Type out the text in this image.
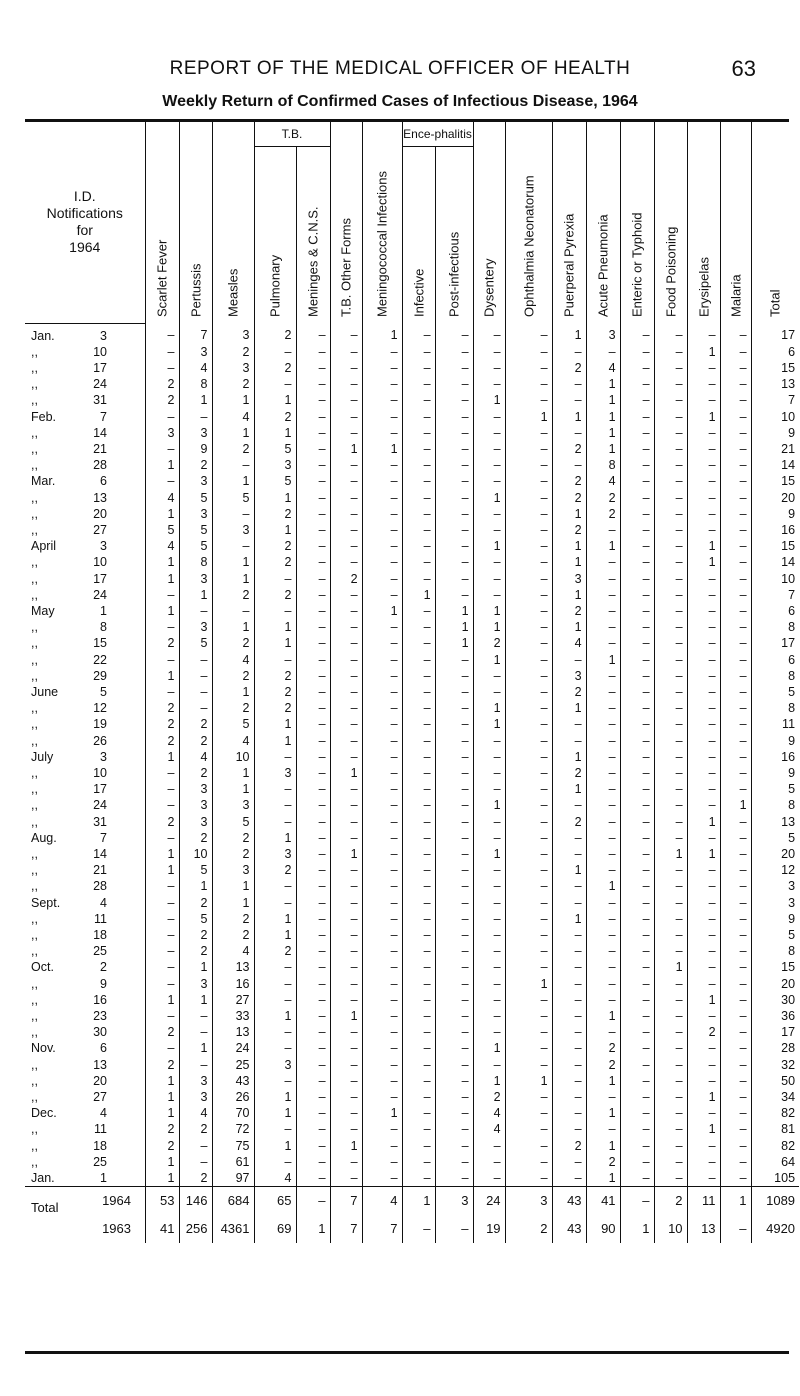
REPORT OF THE MEDICAL OFFICER OF HEALTH	63
Weekly Return of Confirmed Cases of Infectious Disease, 1964
I.D.
Notifications
for
1964	Scarlet Fever	Pertussis	Measles	T.B.		T.B. Other Forms	Meningococcal Infections	Ence-phalitis		Dysentery	Ophthalmia Neonatorum	Puerperal Pyrexia	Acute Pneumonia	Enteric or Typhoid	Food Poisoning	Erysipelas	Malaria	Total

				Pulmonary	Meninges & C.N.S.			Infective	Post-infectious									

Jan. 3	–	7	3	2	–	–	1	–	–	–	–	1	3	–	–	–	–	17
,, 10	–	3	2	–	–	–	–	–	–	–	–	–	–	–	–	1	–	6
,, 17	–	4	3	2	–	–	–	–	–	–	–	2	4	–	–	–	–	15
,, 24	2	8	2	–	–	–	–	–	–	–	–	–	1	–	–	–	–	13
,, 31	2	1	1	1	–	–	–	–	–	1	–	–	1	–	–	–	–	7
Feb. 7	–	–	4	2	–	–	–	–	–	–	1	1	1	–	–	1	–	10
,, 14	3	3	1	1	–	–	–	–	–	–	–	–	1	–	–	–	–	9
,, 21	–	9	2	5	–	1	1	–	–	–	–	2	1	–	–	–	–	21
,, 28	1	2	–	3	–	–	–	–	–	–	–	–	8	–	–	–	–	14
Mar. 6	–	3	1	5	–	–	–	–	–	–	–	2	4	–	–	–	–	15
,, 13	4	5	5	1	–	–	–	–	–	1	–	2	2	–	–	–	–	20
,, 20	1	3	–	2	–	–	–	–	–	–	–	1	2	–	–	–	–	9
,, 27	5	5	3	1	–	–	–	–	–	–	–	2	–	–	–	–	–	16
April 3	4	5	–	2	–	–	–	–	–	1	–	1	1	–	–	1	–	15
,, 10	1	8	1	2	–	–	–	–	–	–	–	1	–	–	–	1	–	14
,, 17	1	3	1	–	–	2	–	–	–	–	–	3	–	–	–	–	–	10
,, 24	–	1	2	2	–	–	–	1	–	–	–	1	–	–	–	–	–	7
May 1	1	–	–	–	–	–	1	–	1	1	–	2	–	–	–	–	–	6
,, 8	–	3	1	1	–	–	–	–	1	1	–	1	–	–	–	–	–	8
,, 15	2	5	2	1	–	–	–	–	1	2	–	4	–	–	–	–	–	17
,, 22	–	–	4	–	–	–	–	–	–	1	–	–	1	–	–	–	–	6
,, 29	1	–	2	2	–	–	–	–	–	–	–	3	–	–	–	–	–	8
June 5	–	–	1	2	–	–	–	–	–	–	–	2	–	–	–	–	–	5
,, 12	2	–	2	2	–	–	–	–	–	1	–	1	–	–	–	–	–	8
,, 19	2	2	5	1	–	–	–	–	–	1	–	–	–	–	–	–	–	11
,, 26	2	2	4	1	–	–	–	–	–	–	–	–	–	–	–	–	–	9
July 3	1	4	10	–	–	–	–	–	–	–	–	1	–	–	–	–	–	16
,, 10	–	2	1	3	–	1	–	–	–	–	–	2	–	–	–	–	–	9
,, 17	–	3	1	–	–	–	–	–	–	–	–	1	–	–	–	–	–	5
,, 24	–	3	3	–	–	–	–	–	–	1	–	–	–	–	–	–	1	8
,, 31	2	3	5	–	–	–	–	–	–	–	–	2	–	–	–	1	–	13
Aug. 7	–	2	2	1	–	–	–	–	–	–	–	–	–	–	–	–	–	5
,, 14	1	10	2	3	–	1	–	–	–	1	–	–	–	–	1	1	–	20
,, 21	1	5	3	2	–	–	–	–	–	–	–	1	–	–	–	–	–	12
,, 28	–	1	1	–	–	–	–	–	–	–	–	–	1	–	–	–	–	3
Sept. 4	–	2	1	–	–	–	–	–	–	–	–	–	–	–	–	–	–	3
,, 11	–	5	2	1	–	–	–	–	–	–	–	1	–	–	–	–	–	9
,, 18	–	2	2	1	–	–	–	–	–	–	–	–	–	–	–	–	–	5
,, 25	–	2	4	2	–	–	–	–	–	–	–	–	–	–	–	–	–	8
Oct. 2	–	1	13	–	–	–	–	–	–	–	–	–	–	–	1	–	–	15
,, 9	–	3	16	–	–	–	–	–	–	–	1	–	–	–	–	–	–	20
,, 16	1	1	27	–	–	–	–	–	–	–	–	–	–	–	–	1	–	30
,, 23	–	–	33	1	–	1	–	–	–	–	–	–	1	–	–	–	–	36
,, 30	2	–	13	–	–	–	–	–	–	–	–	–	–	–	–	2	–	17
Nov. 6	–	1	24	–	–	–	–	–	–	1	–	–	2	–	–	–	–	28
,, 13	2	–	25	3	–	–	–	–	–	–	–	–	2	–	–	–	–	32
,, 20	1	3	43	–	–	–	–	–	–	1	1	–	1	–	–	–	–	50
,, 27	1	3	26	1	–	–	–	–	–	2	–	–	–	–	–	1	–	34
Dec. 4	1	4	70	1	–	–	1	–	–	4	–	–	1	–	–	–	–	82
,, 11	2	2	72	–	–	–	–	–	–	4	–	–	–	–	–	1	–	81
,, 18	2	–	75	1	–	1	–	–	–	–	–	2	1	–	–	–	–	82
,, 25	1	–	61	–	–	–	–	–	–	–	–	–	2	–	–	–	–	64
Jan. 1	1	2	97	4	–	–	–	–	–	–	–	–	1	–	–	–	–	105
1964	53	146	684	65	–	7	4	1	3	24	3	43	41	–	2	11	1	1089

Total
1963	41	256	4361	69	1	7	7	–	–	19	2	43	90	1	10	13	–	4920
